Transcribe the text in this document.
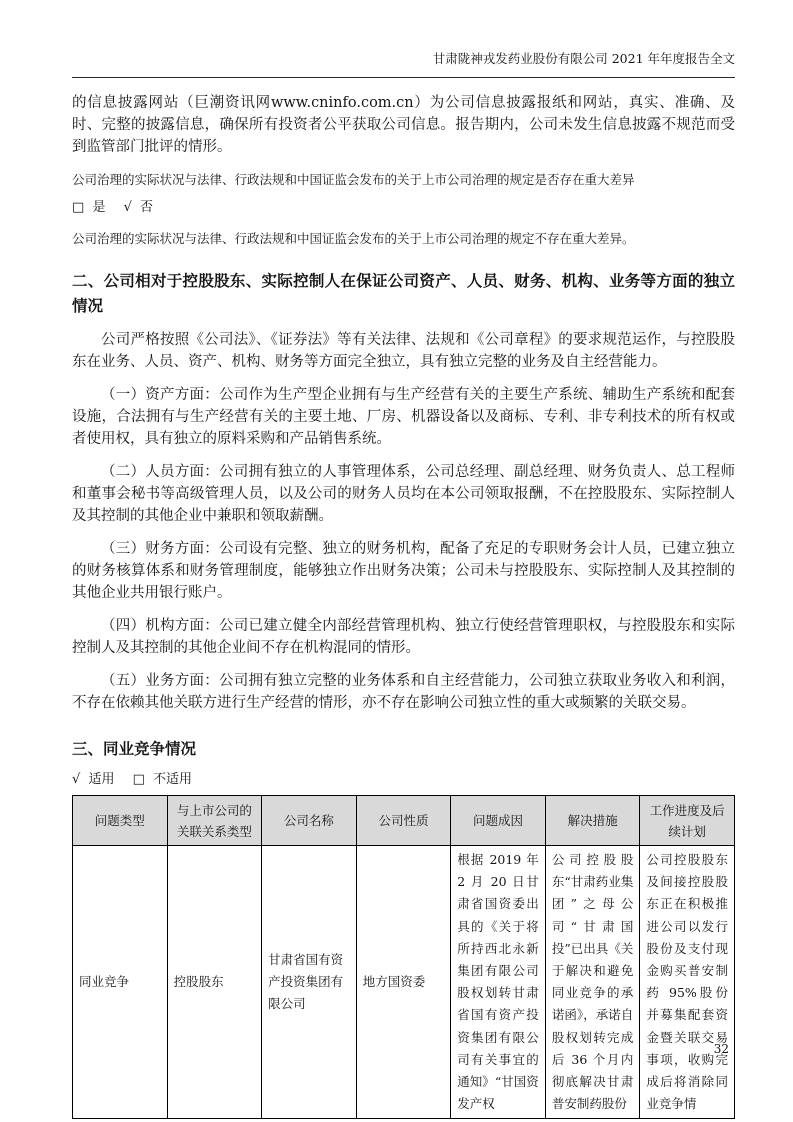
甘肃陇神戎发药业股份有限公司 2021 年年度报告全文

的信息披露网站（巨潮资讯网www.cninfo.com.cn）为公司信息披露报纸和网站，真实、准确、及时、完整的披露信息，确保所有投资者公平获取公司信息。报告期内，公司未发生信息披露不规范而受到监管部门批评的情形。

公司治理的实际状况与法律、行政法规和中国证监会发布的关于上市公司治理的规定是否存在重大差异

□ 是 √ 否

公司治理的实际状况与法律、行政法规和中国证监会发布的关于上市公司治理的规定不存在重大差异。

二、公司相对于控股股东、实际控制人在保证公司资产、人员、财务、机构、业务等方面的独立情况

公司严格按照《公司法》、《证券法》等有关法律、法规和《公司章程》的要求规范运作，与控股股东在业务、人员、资产、机构、财务等方面完全独立，具有独立完整的业务及自主经营能力。

（一）资产方面：公司作为生产型企业拥有与生产经营有关的主要生产系统、辅助生产系统和配套设施，合法拥有与生产经营有关的主要土地、厂房、机器设备以及商标、专利、非专利技术的所有权或者使用权，具有独立的原料采购和产品销售系统。

（二）人员方面：公司拥有独立的人事管理体系，公司总经理、副总经理、财务负责人、总工程师和董事会秘书等高级管理人员，以及公司的财务人员均在本公司领取报酬，不在控股股东、实际控制人及其控制的其他企业中兼职和领取薪酬。

（三）财务方面：公司设有完整、独立的财务机构，配备了充足的专职财务会计人员，已建立独立的财务核算体系和财务管理制度，能够独立作出财务决策；公司未与控股股东、实际控制人及其控制的其他企业共用银行账户。

（四）机构方面：公司已建立健全内部经营管理机构、独立行使经营管理职权，与控股股东和实际控制人及其控制的其他企业间不存在机构混同的情形。

（五）业务方面：公司拥有独立完整的业务体系和自主经营能力，公司独立获取业务收入和利润，不存在依赖其他关联方进行生产经营的情形，亦不存在影响公司独立性的重大或频繁的关联交易。

三、同业竞争情况

√ 适用 □ 不适用

问题类型	与上市公司的关联关系类型	公司名称	公司性质	问题成因	解决措施	工作进度及后续计划
同业竞争	控股股东	甘肃省国有资产投资集团有限公司	地方国资委	根据 2019 年 2 月 20 日甘肃省国资委出具的《关于将所持西北永新集团有限公司股权划转甘肃省国有资产投资集团有限公司有关事宜的通知》“甘国资发产权	公司控股股东“甘肃药业集团”之母公司“甘肃国投”已出具《关于解决和避免同业竞争的承诺函》，承诺自股权划转完成后 36 个月内彻底解决甘肃普安制药股份	公司控股股东及间接控股股东正在积极推进公司以发行股份及支付现金购买普安制药 95%股份并募集配套资金暨关联交易事项，收购完成后将消除同业竞争情
32
